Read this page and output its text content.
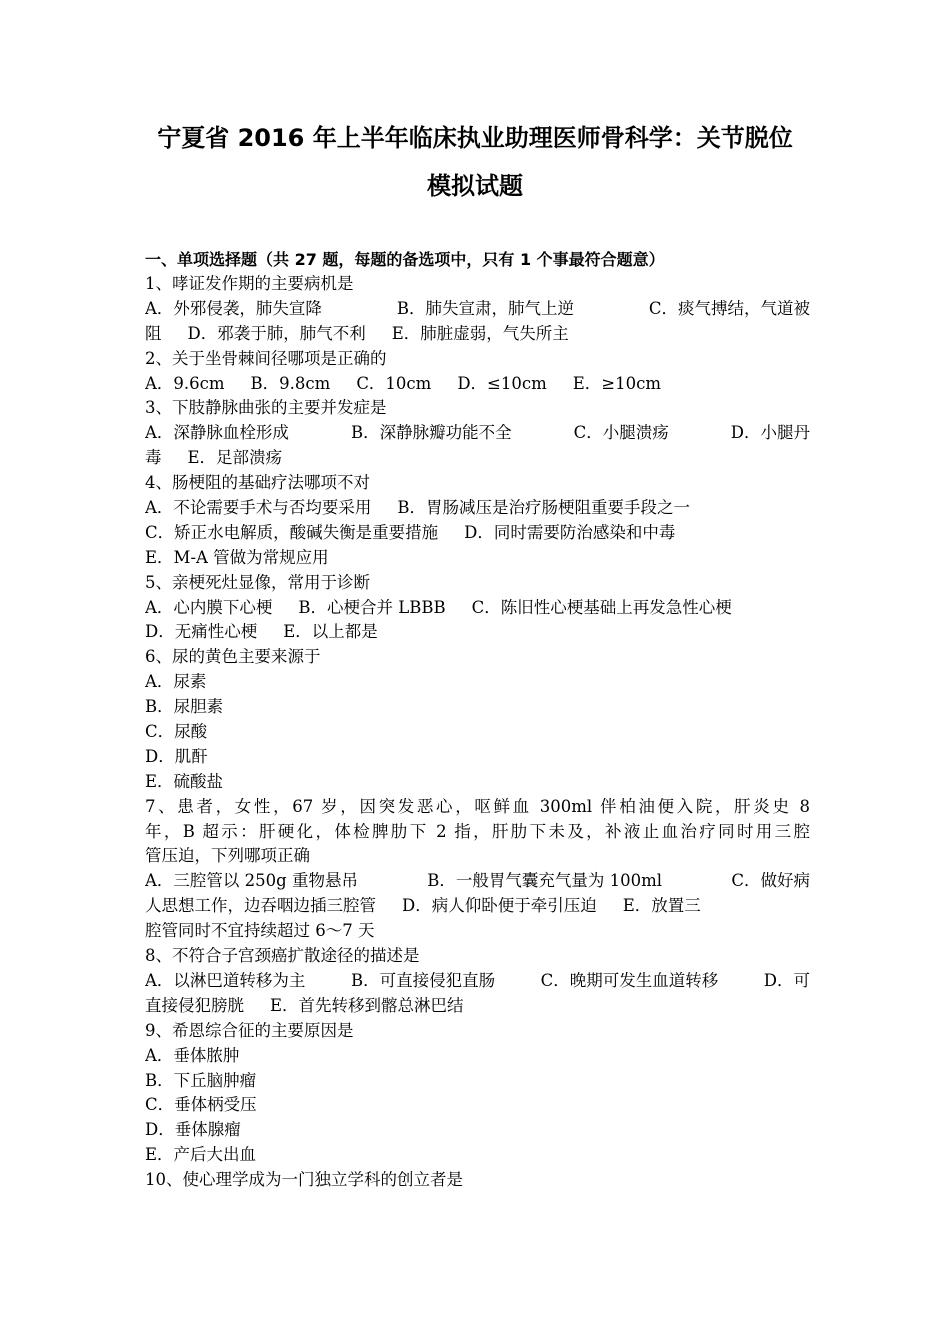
宁夏省 2016 年上半年临床执业助理医师骨科学：关节脱位
模拟试题
一、单项选择题（共 27 题，每题的备选项中，只有 1 个事最符合题意）
1、哮证发作期的主要病机是
A．外邪侵袭，肺失宣降	B．肺失宣肃，肺气上逆	C．痰气搏结，气道被
阻 D．邪袭于肺，肺气不利 E．肺脏虚弱，气失所主
2、关于坐骨棘间径哪项是正确的
A．9.6cm B．9.8cm C．10cm D．≤10cm E．≥10cm
3、下肢静脉曲张的主要并发症是
A．深静脉血栓形成	B．深静脉瓣功能不全	C．小腿溃疡	D．小腿丹
毒 E．足部溃疡
4、肠梗阻的基础疗法哪项不对
A．不论需要手术与否均要采用 B．胃肠减压是治疗肠梗阻重要手段之一
C．矫正水电解质，酸碱失衡是重要措施 D．同时需要防治感染和中毒
E．M-A 管做为常规应用
5、亲梗死灶显像，常用于诊断
A．心内膜下心梗 B．心梗合并 LBBB C．陈旧性心梗基础上再发急性心梗
D．无痛性心梗 E．以上都是
6、尿的黄色主要来源于
A．尿素
B．尿胆素
C．尿酸
D．肌酐
E．硫酸盐
7、患者，女性，67 岁，因突发恶心，呕鲜血 300ml 伴柏油便入院，肝炎史 8
年，B 超示：肝硬化，体检脾肋下 2 指，肝肋下未及，补液止血治疗同时用三腔
管压迫，下列哪项正确
A．三腔管以 250g 重物悬吊	B．一般胃气囊充气量为 100ml	C．做好病
人思想工作，边吞咽边插三腔管 D．病人仰卧便于牵引压迫 E．放置三
腔管同时不宜持续超过 6～7 天
8、不符合子宫颈癌扩散途径的描述是
A．以淋巴道转移为主	B．可直接侵犯直肠	C．晚期可发生血道转移	D．可
直接侵犯膀胱 E．首先转移到髂总淋巴结
9、希恩综合征的主要原因是
A．垂体脓肿
B．下丘脑肿瘤
C．垂体柄受压
D．垂体腺瘤
E．产后大出血
10、使心理学成为一门独立学科的创立者是
